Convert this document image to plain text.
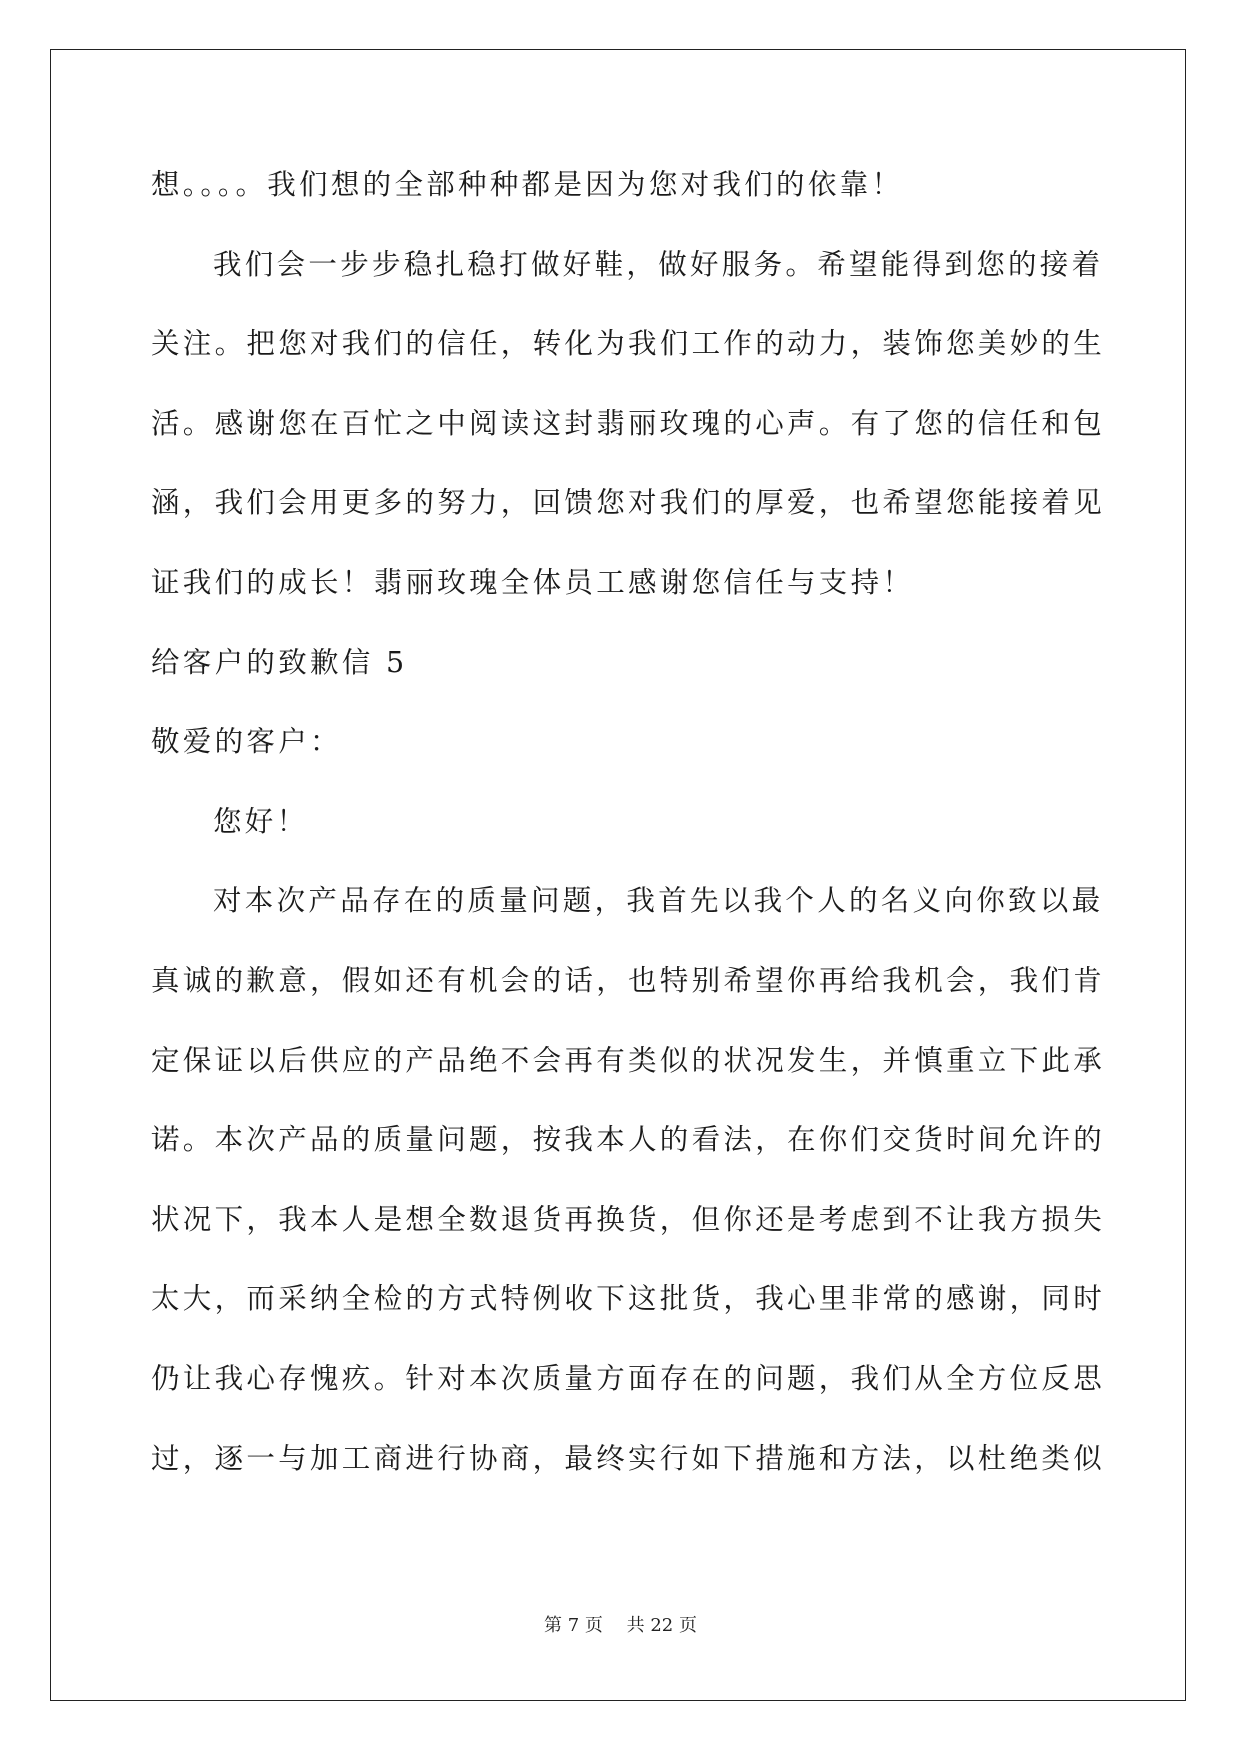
想。。。。我们想的全部种种都是因为您对我们的依靠！
我们会一步步稳扎稳打做好鞋，做好服务。希望能得到您的接着
关注。把您对我们的信任，转化为我们工作的动力，装饰您美妙的生
活。感谢您在百忙之中阅读这封翡丽玫瑰的心声。有了您的信任和包
涵，我们会用更多的努力，回馈您对我们的厚爱，也希望您能接着见
证我们的成长！翡丽玫瑰全体员工感谢您信任与支持！
给客户的致歉信 5
敬爱的客户：
您好！
对本次产品存在的质量问题，我首先以我个人的名义向你致以最
真诚的歉意，假如还有机会的话，也特别希望你再给我机会，我们肯
定保证以后供应的产品绝不会再有类似的状况发生，并慎重立下此承
诺。本次产品的质量问题，按我本人的看法，在你们交货时间允许的
状况下，我本人是想全数退货再换货，但你还是考虑到不让我方损失
太大，而采纳全检的方式特例收下这批货，我心里非常的感谢，同时
仍让我心存愧疚。针对本次质量方面存在的问题，我们从全方位反思
过，逐一与加工商进行协商，最终实行如下措施和方法，以杜绝类似
第 7 页　 共 22 页
